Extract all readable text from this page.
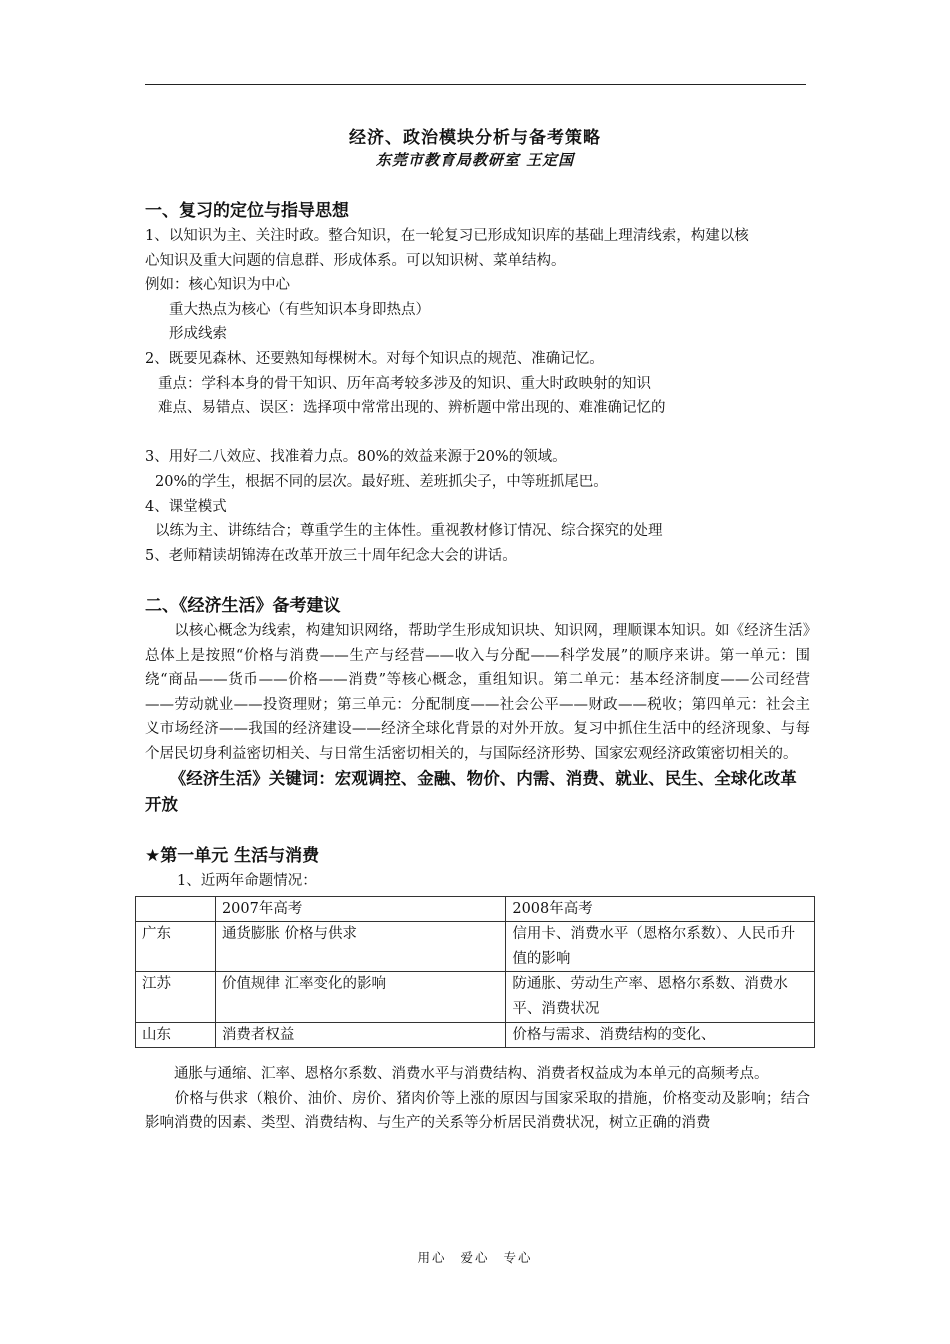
经济、政治模块分析与备考策略
东莞市教育局教研室 王定国
一、复习的定位与指导思想
1、以知识为主、关注时政。整合知识，在一轮复习已形成知识库的基础上理清线索，构建以核
心知识及重大问题的信息群、形成体系。可以知识树、菜单结构。
例如：核心知识为中心
重大热点为核心（有些知识本身即热点）
形成线索
2、既要见森林、还要熟知每棵树木。对每个知识点的规范、准确记忆。
重点：学科本身的骨干知识、历年高考较多涉及的知识、重大时政映射的知识
难点、易错点、误区：选择项中常常出现的、辨析题中常出现的、难准确记忆的
3、用好二八效应、找准着力点。80%的效益来源于20%的领域。
20%的学生，根据不同的层次。最好班、差班抓尖子，中等班抓尾巴。
4、课堂模式
以练为主、讲练结合；尊重学生的主体性。重视教材修订情况、综合探究的处理
5、老师精读胡锦涛在改革开放三十周年纪念大会的讲话。
二、《经济生活》备考建议
　　以核心概念为线索，构建知识网络，帮助学生形成知识块、知识网，理顺课本知识。如《经济生活》总体上是按照“价格与消费——生产与经营——收入与分配——科学发展”的顺序来讲。第一单元：围绕“商品——货币——价格——消费”等核心概念，重组知识。第二单元：基本经济制度——公司经营——劳动就业——投资理财；第三单元：分配制度——社会公平——财政——税收；第四单元：社会主义市场经济——我国的经济建设——经济全球化背景的对外开放。复习中抓住生活中的经济现象、与每个居民切身利益密切相关、与日常生活密切相关的，与国际经济形势、国家宏观经济政策密切相关的。
　　《经济生活》关键词：宏观调控、金融、物价、内需、消费、就业、民生、全球化改革开放
★第一单元 生活与消费
1、近两年命题情况：
	2007年高考	2008年高考
广东	通货膨胀 价格与供求	信用卡、消费水平（恩格尔系数）、人民币升值的影响
江苏	价值规律 汇率变化的影响	防通胀、劳动生产率、恩格尔系数、消费水平、消费状况
山东	消费者权益	价格与需求、消费结构的变化、
　　通胀与通缩、汇率、恩格尔系数、消费水平与消费结构、消费者权益成为本单元的高频考点。
　　价格与供求（粮价、油价、房价、猪肉价等上涨的原因与国家采取的措施，价格变动及影响；结合影响消费的因素、类型、消费结构、与生产的关系等分析居民消费状况，树立正确的消费
用心 爱心 专心
